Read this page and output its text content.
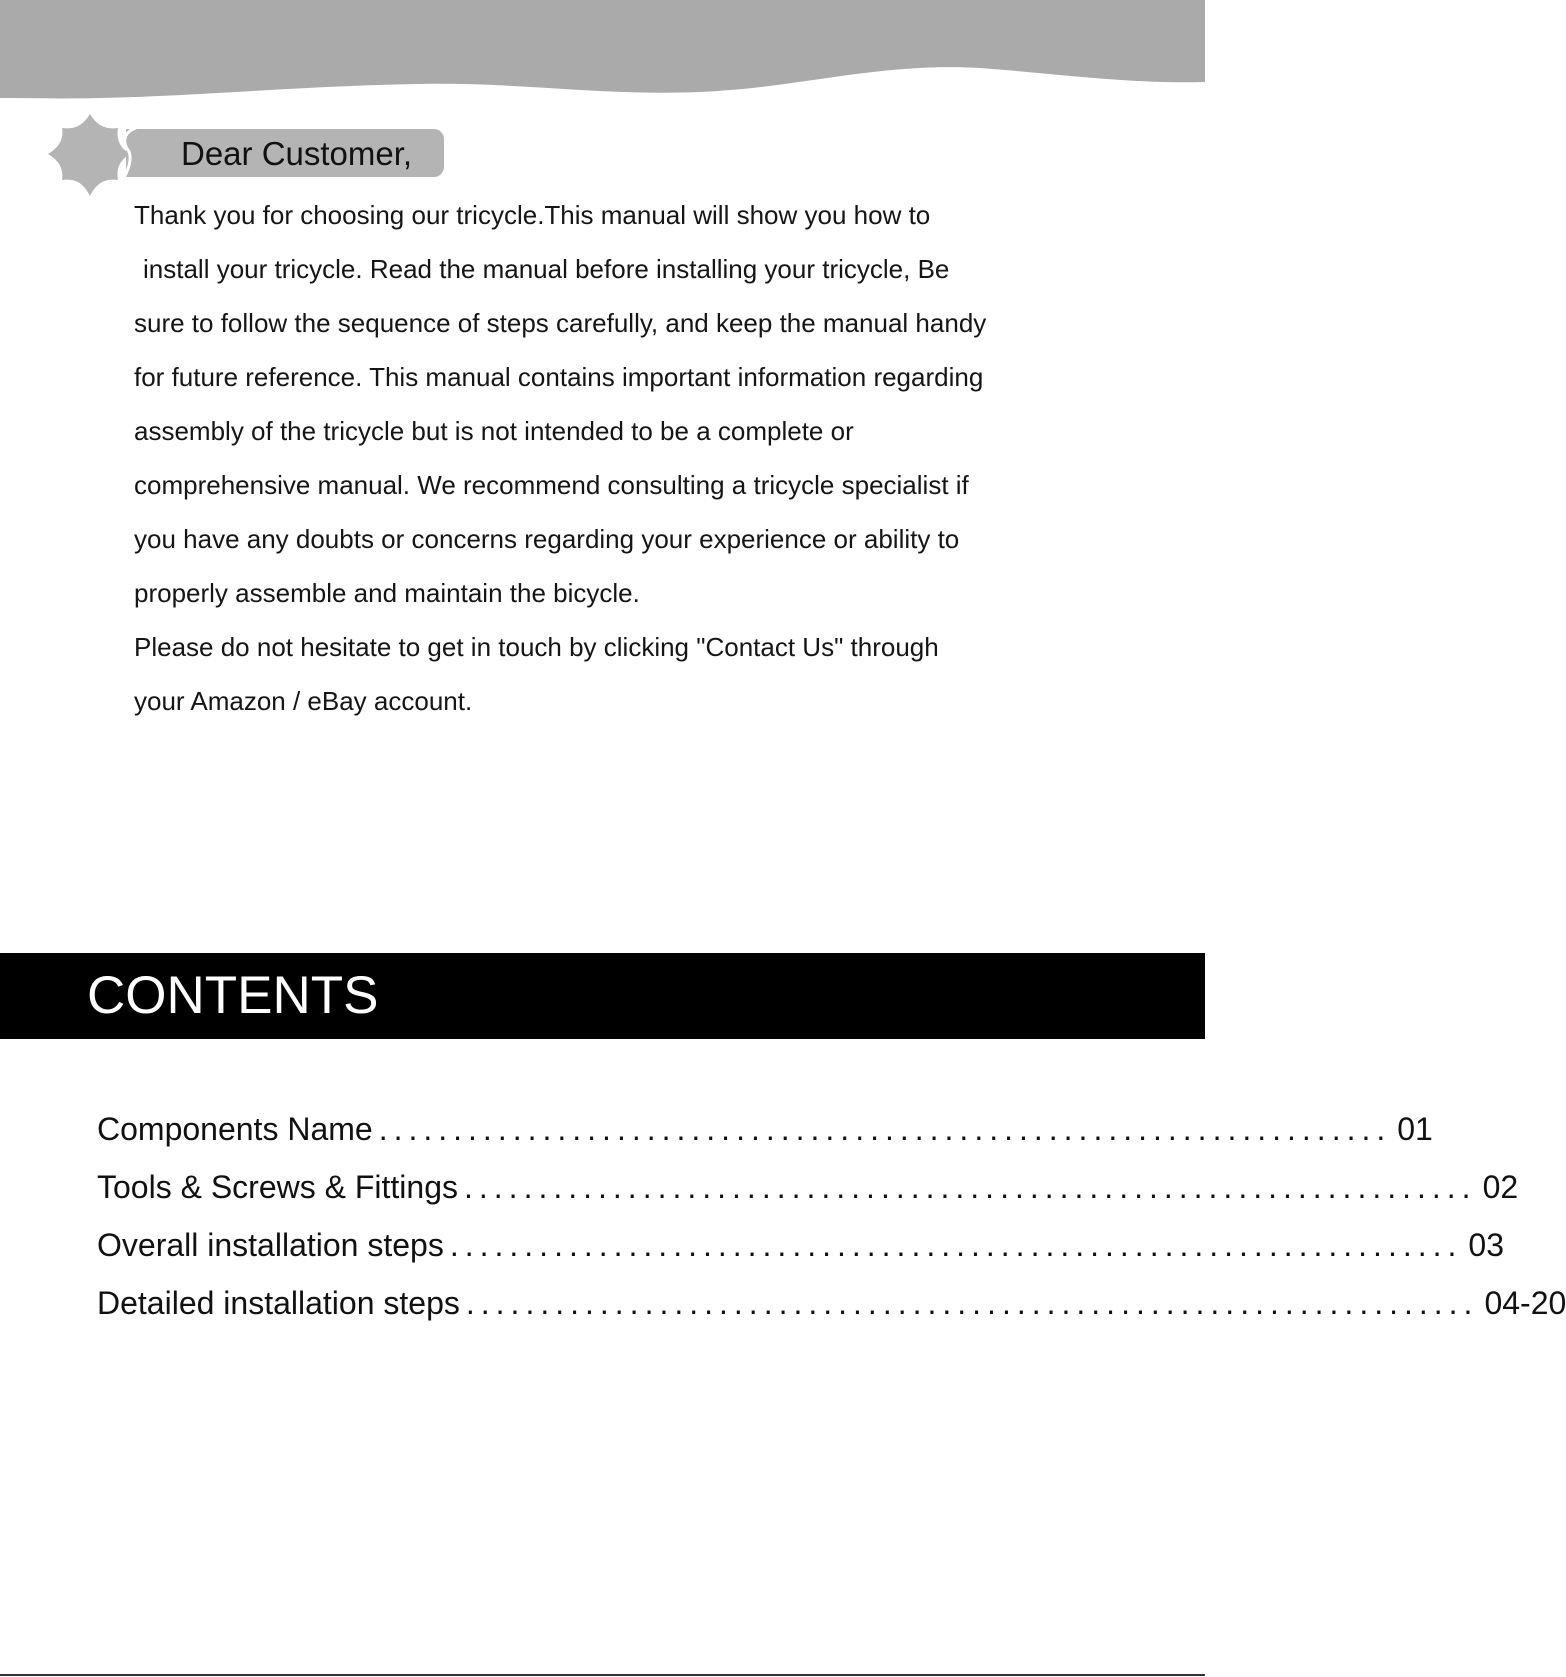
Dear Customer,
Thank you for choosing our tricycle.This manual will show you how to
install your tricycle. Read the manual before installing your tricycle, Be
sure to follow the sequence of steps carefully, and keep the manual handy
for future reference. This manual contains important information regarding
assembly of the tricycle but is not intended to be a complete or
comprehensive manual. We recommend consulting a tricycle specialist if
you have any doubts or concerns regarding your experience or ability to
properly assemble and maintain the bicycle.
Please do not hesitate to get in touch by clicking "Contact Us" through
your Amazon / eBay account.
CONTENTS
Components Name .................................................................... 01
Tools & Screws & Fittings .................................................................... 02
Overall installation steps .................................................................... 03
Detailed installation steps .................................................................... 04-20
